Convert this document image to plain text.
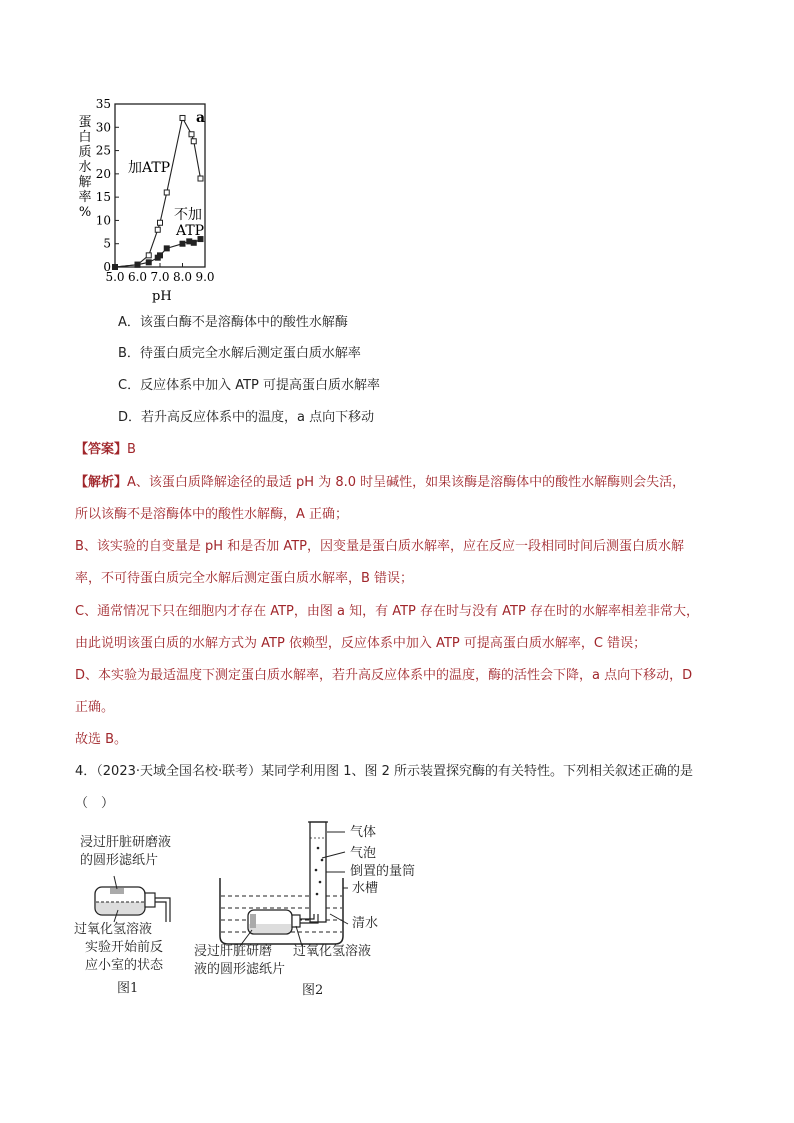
0
5
10
15
20
25
30
35
5.0 6.0 7.0 8.0 9.0
加ATP
不加
ATP
a
pH
蛋
白
质
水
解
率
%
A．该蛋白酶不是溶酶体中的酸性水解酶
B．待蛋白质完全水解后测定蛋白质水解率
C．反应体系中加入 ATP 可提高蛋白质水解率
D．若升高反应体系中的温度，a 点向下移动
【答案】B
【解析】A、该蛋白质降解途径的最适 pH 为 8.0 时呈碱性，如果该酶是溶酶体中的酸性水解酶则会失活，
所以该酶不是溶酶体中的酸性水解酶，A 正确；
B、该实验的自变量是 pH 和是否加 ATP，因变量是蛋白质水解率，应在反应一段相同时间后测蛋白质水解
率，不可待蛋白质完全水解后测定蛋白质水解率，B 错误；
C、通常情况下只在细胞内才存在 ATP，由图 a 知，有 ATP 存在时与没有 ATP 存在时的水解率相差非常大，
由此说明该蛋白质的水解方式为 ATP 依赖型，反应体系中加入 ATP 可提高蛋白质水解率，C 错误；
D、本实验为最适温度下测定蛋白质水解率，若升高反应体系中的温度，酶的活性会下降，a 点向下移动，D
正确。
故选 B。
4．（2023·天域全国名校·联考）某同学利用图 1、图 2 所示装置探究酶的有关特性。下列相关叙述正确的是
（　）
浸过肝脏研磨液
的圆形滤纸片
过氧化氢溶液
实验开始前反
应小室的状态
图1
气体
气泡
倒置的量筒
水槽
清水
浸过肝脏研磨
液的圆形滤纸片
过氧化氢溶液
图2
